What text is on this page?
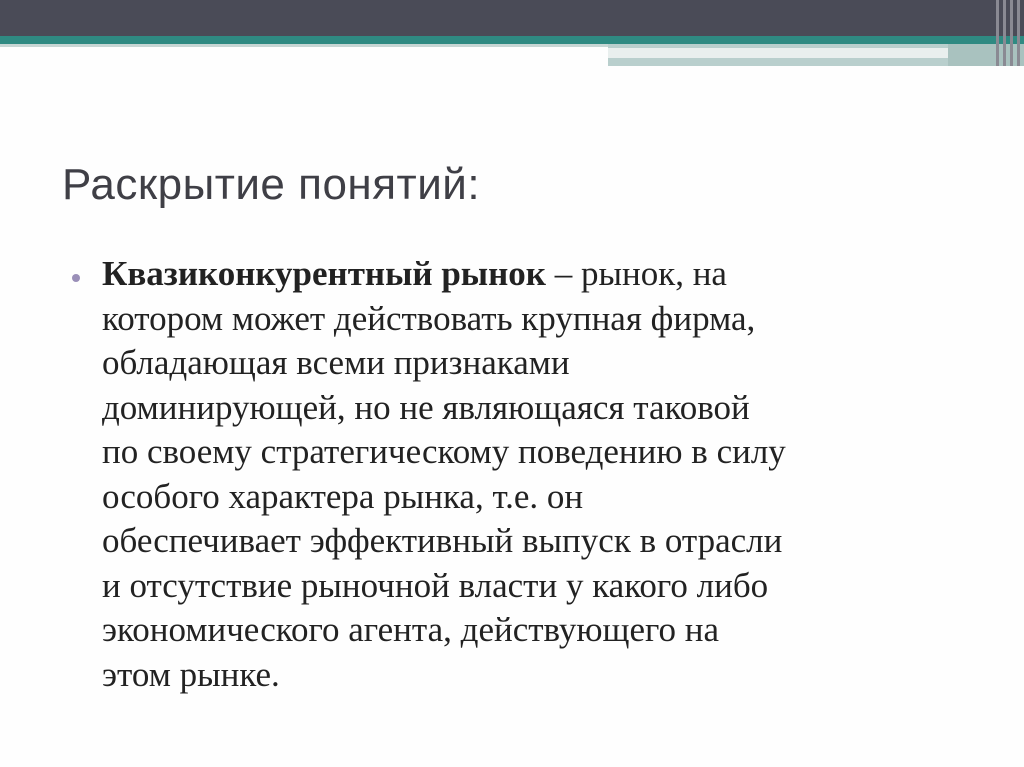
Раскрытие понятий:

Квазиконкурентный рынок – рынок, на
котором может действовать крупная фирма,
обладающая всеми признаками
доминирующей, но не являющаяся таковой
по своему стратегическому поведению в силу
особого характера рынка, т.е. он
обеспечивает эффективный выпуск в отрасли
и отсутствие рыночной власти у какого либо
экономического агента, действующего на
этом рынке.
